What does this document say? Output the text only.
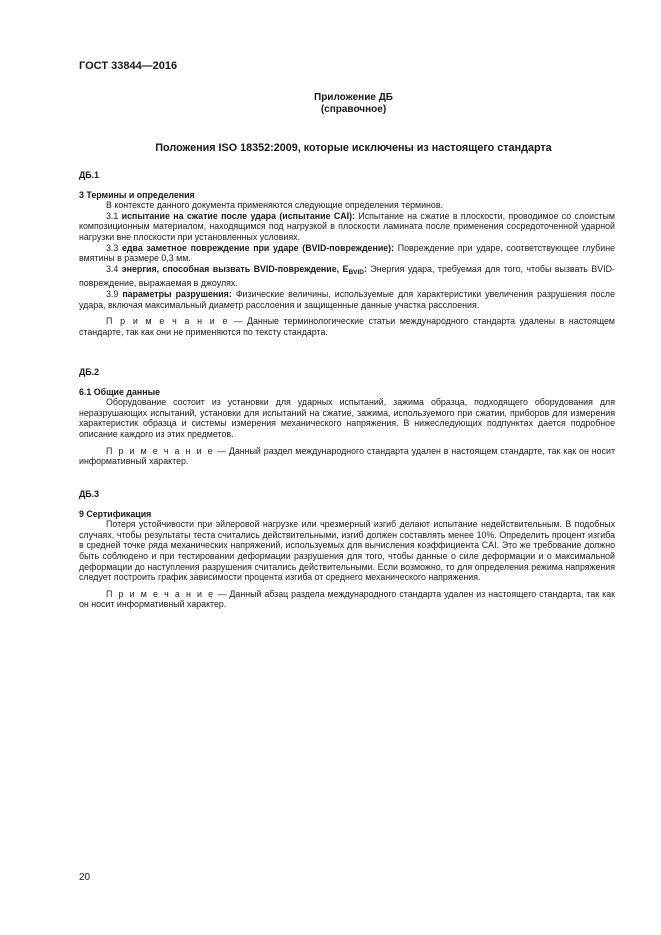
ГОСТ 33844—2016
Приложение ДБ
(справочное)
Положения ISO 18352:2009, которые исключены из настоящего стандарта

ДБ.1

3 Термины и определения

В контексте данного документа применяются следующие определения терминов.

3.1 испытание на сжатие после удара (испытание CAI): Испытание на сжатие в плоскости, проводимое со слоистым композиционным материалом, находящимся под нагрузкой в плоскости ламината после применения сосредоточенной ударной нагрузки вне плоскости при установленных условиях.

3.3 едва заметное повреждение при ударе (BVID-повреждение): Повреждение при ударе, соответствующее глубине вмятины в размере 0,3 мм.

3.4 энергия, способная вызвать BVID-повреждение, $E_{BVID}$: Энергия удара, требуемая для того, чтобы вызвать BVID-повреждение, выражаемая в джоулях.

3.9 параметры разрушения: Физические величины, используемые для характеристики увеличения разрушения после удара, включая максимальный диаметр расслоения и защищенные данные участка расслоения.

П р и м е ч а н и е — Данные терминологические статьи международного стандарта удалены в настоящем стандарте, так как они не применяются по тексту стандарта.

ДБ.2

6.1 Общие данные

Оборудование состоит из установки для ударных испытаний, зажима образца, подходящего оборудования для неразрушающих испытаний, установки для испытаний на сжатие, зажима, используемого при сжатии, приборов для измерения характеристик образца и системы измерения механического напряжения. В нижеследующих подпунктах дается подробное описание каждого из этих предметов.

П р и м е ч а н и е — Данный раздел международного стандарта удален в настоящем стандарте, так как он носит информативный характер.

ДБ.3

9 Сертификация

Потеря устойчивости при эйлеровой нагрузке или чрезмерный изгиб делают испытание недействительным. В подобных случаях, чтобы результаты теста считались действительными, изгиб должен составлять менее 10%. Определить процент изгиба в средней точке ряда механических напряжений, используемых для вычисления коэффициента CAI. Это же требование должно быть соблюдено и при тестировании деформации разрушения для того, чтобы данные о силе деформации и о максимальной деформации до наступления разрушения считались действительными. Если возможно, то для определения режима напряжения следует построить график зависимости процента изгиба от среднего механического напряжения.

П р и м е ч а н и е — Данный абзац раздела международного стандарта удален из настоящего стандарта, так как он носит информативный характер.

20
